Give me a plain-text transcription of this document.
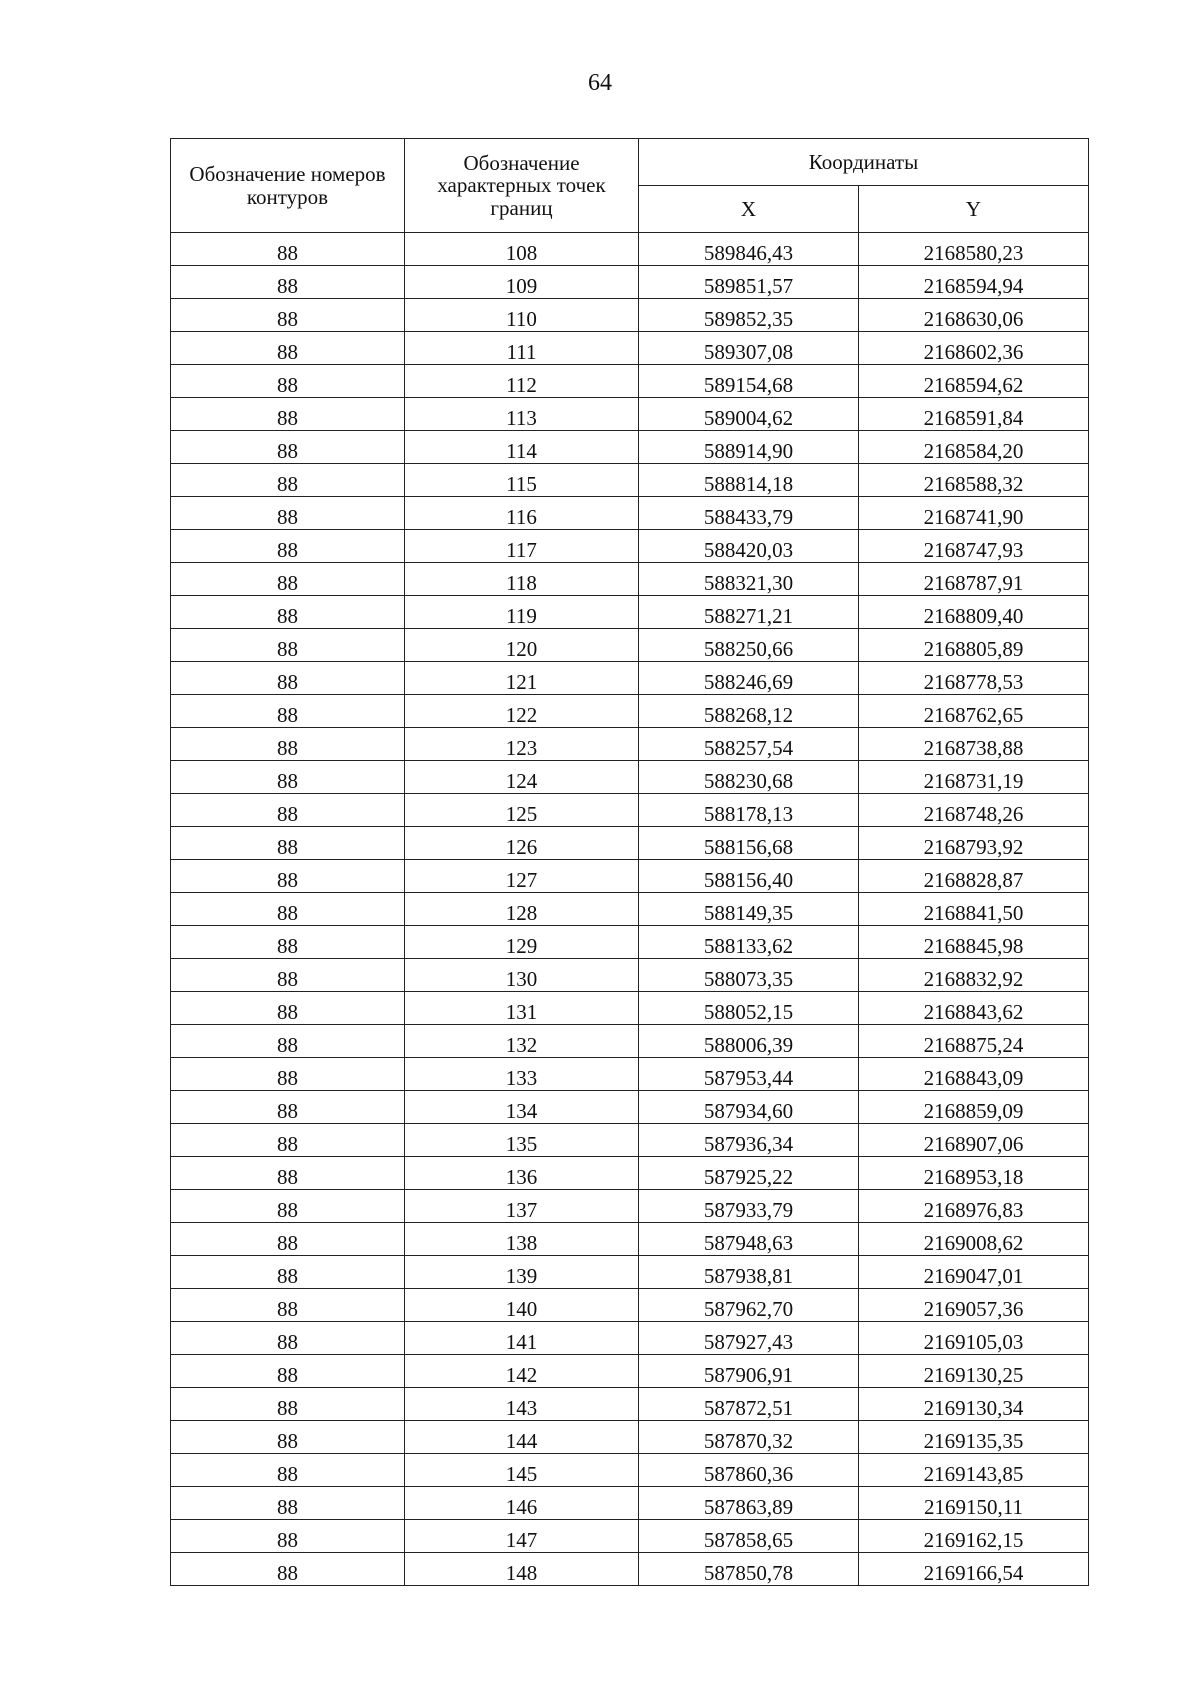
64
Обозначение номеров контуров	Обозначение характерных точек границ	Координаты	
		X	Y
88	108	589846,43	2168580,23
88	109	589851,57	2168594,94
88	110	589852,35	2168630,06
88	111	589307,08	2168602,36
88	112	589154,68	2168594,62
88	113	589004,62	2168591,84
88	114	588914,90	2168584,20
88	115	588814,18	2168588,32
88	116	588433,79	2168741,90
88	117	588420,03	2168747,93
88	118	588321,30	2168787,91
88	119	588271,21	2168809,40
88	120	588250,66	2168805,89
88	121	588246,69	2168778,53
88	122	588268,12	2168762,65
88	123	588257,54	2168738,88
88	124	588230,68	2168731,19
88	125	588178,13	2168748,26
88	126	588156,68	2168793,92
88	127	588156,40	2168828,87
88	128	588149,35	2168841,50
88	129	588133,62	2168845,98
88	130	588073,35	2168832,92
88	131	588052,15	2168843,62
88	132	588006,39	2168875,24
88	133	587953,44	2168843,09
88	134	587934,60	2168859,09
88	135	587936,34	2168907,06
88	136	587925,22	2168953,18
88	137	587933,79	2168976,83
88	138	587948,63	2169008,62
88	139	587938,81	2169047,01
88	140	587962,70	2169057,36
88	141	587927,43	2169105,03
88	142	587906,91	2169130,25
88	143	587872,51	2169130,34
88	144	587870,32	2169135,35
88	145	587860,36	2169143,85
88	146	587863,89	2169150,11
88	147	587858,65	2169162,15
88	148	587850,78	2169166,54
